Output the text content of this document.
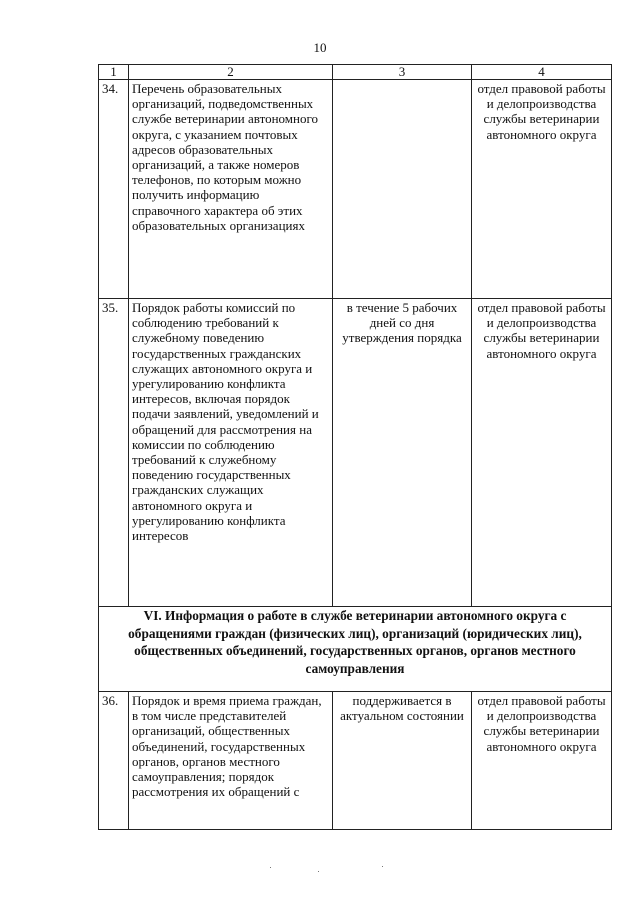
10
1	2	3	4
34.	Перечень образовательных организаций, подведомственных службе ветеринарии автономного округа, с указанием почтовых адресов образовательных организаций, а также номеров телефонов, по которым можно получить информацию справочного характера об этих образовательных организациях		отдел правовой работы и делопроизводства службы ветеринарии автономного округа
35.	Порядок работы комиссий по соблюдению требований к служебному поведению государственных гражданских служащих автономного округа и урегулированию конфликта интересов, включая порядок подачи заявлений, уведомлений и обращений для рассмотрения на комиссии по соблюдению требований к служебному поведению государственных гражданских служащих автономного округа и урегулированию конфликта интересов	в течение 5 рабочих дней со дня утверждения порядка	отдел правовой работы и делопроизводства службы ветеринарии автономного округа
VI. Информация о работе в службе ветеринарии автономного округа с обращениями граждан (физических лиц), организаций (юридических лиц), общественных объединений, государственных органов, органов местного самоуправления			
36.	Порядок и время приема граждан, в том числе представителей организаций, общественных объединений, государственных органов, органов местного самоуправления; порядок рассмотрения их обращений с	поддерживается в актуальном состоянии	отдел правовой работы и делопроизводства службы ветеринарии автономного округа
